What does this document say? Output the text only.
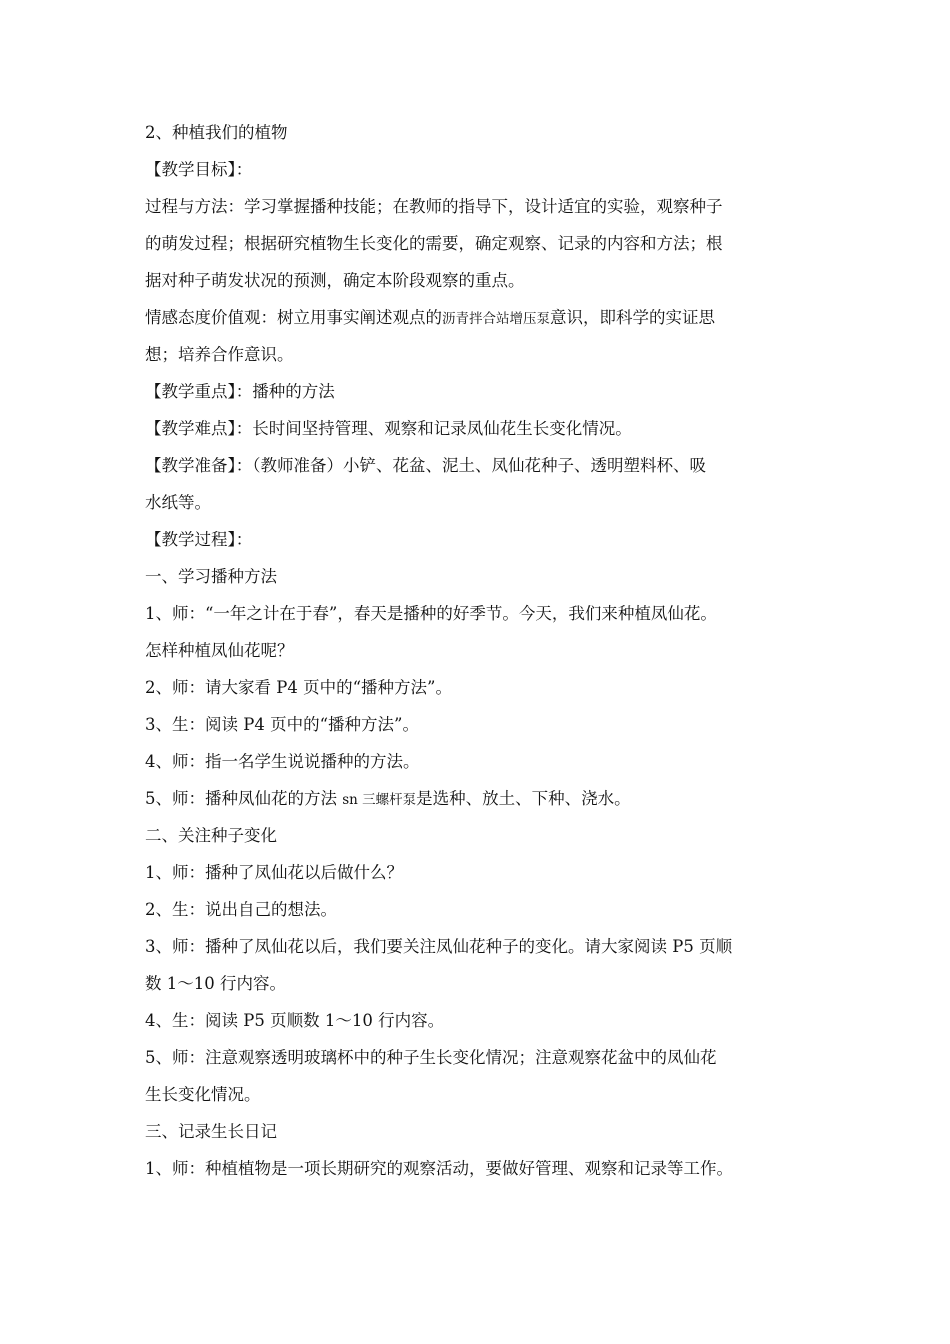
2、种植我们的植物
【教学目标】：
过程与方法：学习掌握播种技能；在教师的指导下，设计适宜的实验，观察种子
的萌发过程；根据研究植物生长变化的需要，确定观察、记录的内容和方法；根
据对种子萌发状况的预测，确定本阶段观察的重点。
情感态度价值观：树立用事实阐述观点的沥青拌合站增压泵意识，即科学的实证思
想；培养合作意识。
【教学重点】：播种的方法
【教学难点】：长时间坚持管理、观察和记录凤仙花生长变化情况。
【教学准备】：（教师准备）小铲、花盆、泥土、凤仙花种子、透明塑料杯、吸
水纸等。
【教学过程】：
一、学习播种方法
1、师：“一年之计在于春”，春天是播种的好季节。今天，我们来种植凤仙花。
怎样种植凤仙花呢？
2、师：请大家看 P4 页中的“播种方法”。
3、生：阅读 P4 页中的“播种方法”。
4、师：指一名学生说说播种的方法。
5、师：播种凤仙花的方法 sn 三螺杆泵是选种、放土、下种、浇水。
二、关注种子变化
1、师：播种了凤仙花以后做什么？
2、生：说出自己的想法。
3、师：播种了凤仙花以后，我们要关注凤仙花种子的变化。请大家阅读 P5 页顺
数 1～10 行内容。
4、生：阅读 P5 页顺数 1～10 行内容。
5、师：注意观察透明玻璃杯中的种子生长变化情况；注意观察花盆中的凤仙花
生长变化情况。
三、记录生长日记
1、师：种植植物是一项长期研究的观察活动，要做好管理、观察和记录等工作。
